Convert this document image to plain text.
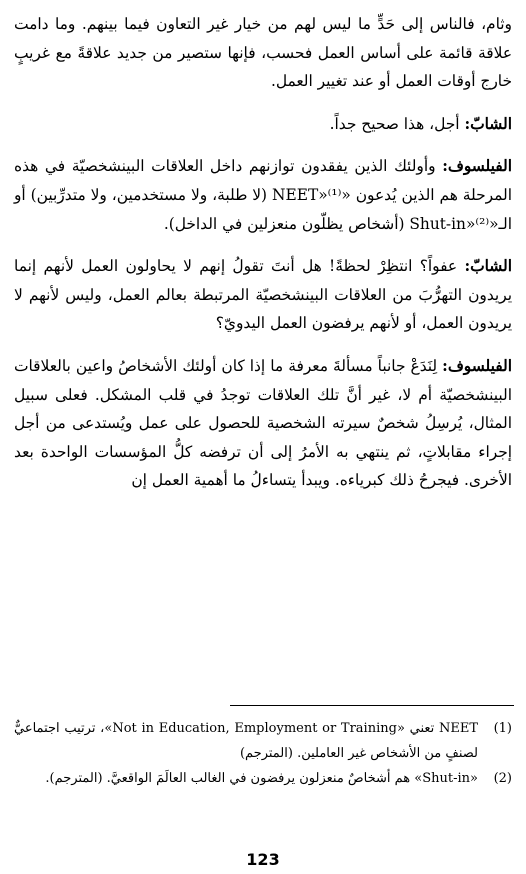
وثام، فالناس إلى حَدٍّ ما ليس لهم من خيار غير التعاون فيما بينهم. وما دامت علاقة قائمة على أساس العمل فحسب، فإنها ستصير من جديد علاقةً مع غريبٍ خارج أوقات العمل أو عند تغيير العمل.

الشابّ: أجل، هذا صحيح جداً.

الفيلسوف: وأولئك الذين يفقدون توازنهم داخل العلاقات البينشخصيّة في هذه المرحلة هم الذين يُدعون «NEET»⁽¹⁾ (لا طلبة، ولا مستخدمين، ولا متدرِّبين) أو الـ«Shut-in»⁽²⁾ (أشخاص يظلّون منعزلين في الداخل).

الشابّ: عفواً؟ انتظِرْ لحظةً! هل أنتَ تقولُ إنهم لا يحاولون العمل لأنهم إنما يريدون التهرُّبَ من العلاقات البينشخصيّة المرتبطة بعالم العمل، وليس لأنهم لا يريدون العمل، أو لأنهم يرفضون العمل اليدويّ؟

الفيلسوف: لِنَدَعْ جانباً مسألةَ معرفة ما إذا كان أولئك الأشخاصُ واعين بالعلاقات البينشخصيّة أم لا، غير أنَّ تلك العلاقات توجدُ في قلب المشكل. فعلى سبيل المثال، يُرسِلُ شخصٌ سيرته الشخصية للحصول على عمل ويُستدعى من أجل إجراء مقابلاتٍ، ثم ينتهي به الأمرُ إلى أن ترفضه كلُّ المؤسسات الواحدة بعد الأخرى. فيجرحُ ذلك كبرياءه. ويبدأ يتساءلُ ما أهمية العمل إن

(1)
NEET تعني «Not in Education, Employment or Training»، ترتيب اجتماعيٌّ لصنفٍ من الأشخاص غير العاملين. (المترجم)
(2)
«Shut-in» هم أشخاصٌ منعزلون يرفضون في الغالب العالَمَ الواقعيَّ. (المترجم).
123
